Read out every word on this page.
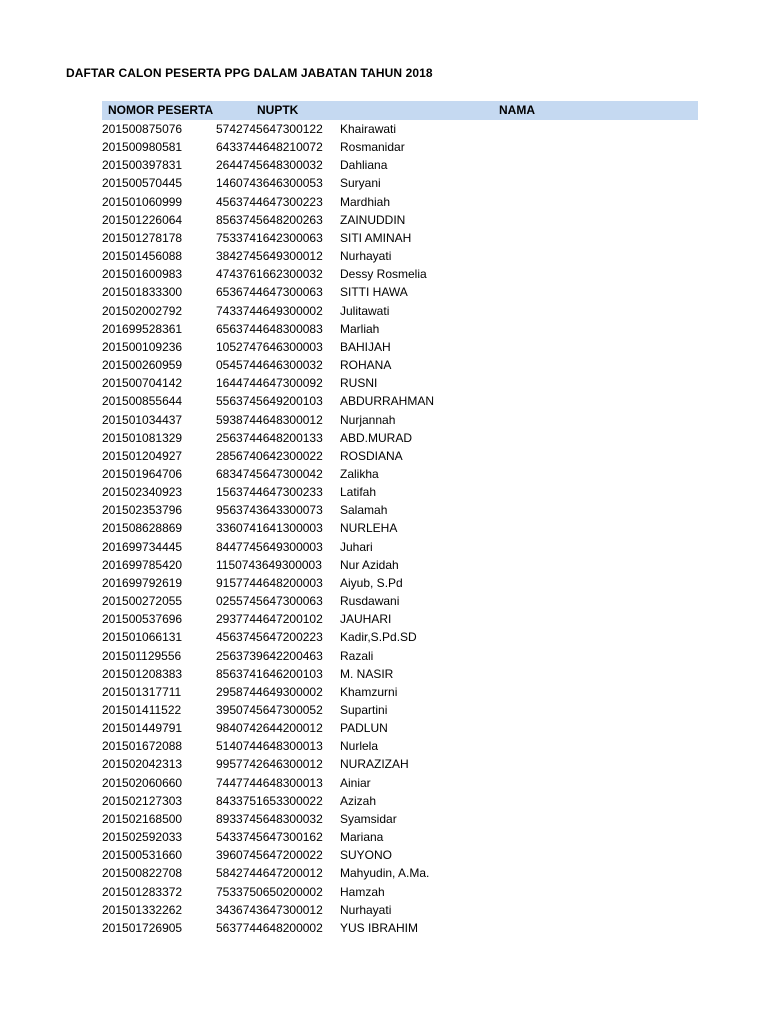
DAFTAR CALON PESERTA PPG DALAM JABATAN TAHUN 2018
NOMOR PESERTA	NUPTK	NAMA
201500875076	5742745647300122 Khairawati
201500980581	6433744648210072 Rosmanidar
201500397831	2644745648300032 Dahliana
201500570445	1460743646300053 Suryani
201501060999	4563744647300223 Mardhiah
201501226064	8563745648200263 ZAINUDDIN
201501278178	7533741642300063 SITI AMINAH
201501456088	3842745649300012 Nurhayati
201501600983	4743761662300032 Dessy Rosmelia
201501833300	6536744647300063 SITTI HAWA
201502002792	7433744649300002 Julitawati
201699528361	6563744648300083 Marliah
201500109236	1052747646300003 BAHIJAH
201500260959	0545744646300032 ROHANA
201500704142	1644744647300092 RUSNI
201500855644	5563745649200103 ABDURRAHMAN
201501034437	5938744648300012 Nurjannah
201501081329	2563744648200133 ABD.MURAD
201501204927	2856740642300022 ROSDIANA
201501964706	6834745647300042 Zalikha
201502340923	1563744647300233 Latifah
201502353796	9563743643300073 Salamah
201508628869	3360741641300003 NURLEHA
201699734445	8447745649300003 Juhari
201699785420	1150743649300003 Nur Azidah
201699792619	9157744648200003 Aiyub, S.Pd
201500272055	0255745647300063 Rusdawani
201500537696	2937744647200102 JAUHARI
201501066131	4563745647200223 Kadir,S.Pd.SD
201501129556	2563739642200463 Razali
201501208383	8563741646200103 M. NASIR
201501317711	2958744649300002 Khamzurni
201501411522	3950745647300052 Supartini
201501449791	9840742644200012 PADLUN
201501672088	5140744648300013 Nurlela
201502042313	9957742646300012 NURAZIZAH
201502060660	7447744648300013 Ainiar
201502127303	8433751653300022 Azizah
201502168500	8933745648300032 Syamsidar
201502592033	5433745647300162 Mariana
201500531660	3960745647200022 SUYONO
201500822708	5842744647200012 Mahyudin, A.Ma.
201501283372	7533750650200002 Hamzah
201501332262	3436743647300012 Nurhayati
201501726905	5637744648200002 YUS IBRAHIM
